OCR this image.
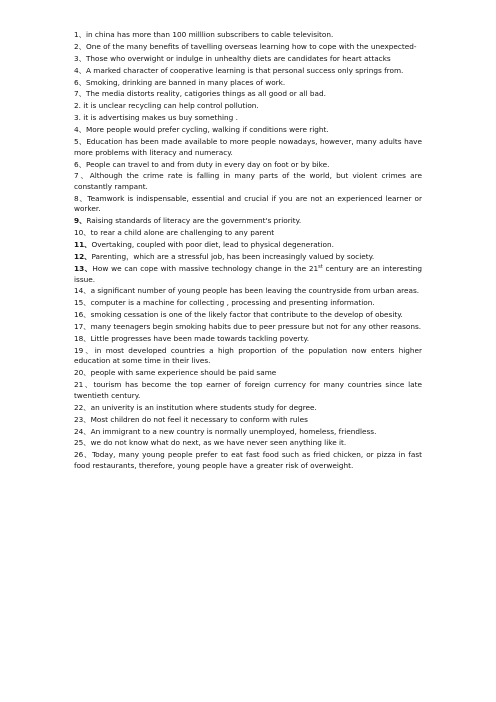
1、in china has more than 100 milllion subscribers to cable televisiton.

2、One of the many benefits of tavelling overseas learning how to cope with the unexpected-

3、Those who overwight or indulge in unhealthy diets are candidates for heart attacks

4、A marked character of cooperative learning is that personal success only springs from.

6、Smoking, drinking are banned in many places of work.

7、The media distorts reality, catigories things as all good or all bad.

2. it is unclear recycling can help control pollution.

3. it is advertising makes us buy something .

4、More people would prefer cycling, walking if conditions were right.

5、Education has been made available to more people nowadays, however, many adults have more problems with literacy and numeracy.

6、People can travel to and from duty in every day on foot or by bike.

7、Although the crime rate is falling in many parts of the world, but violent crimes are constantly rampant.

8、Teamwork is indispensable, essential and crucial if you are not an experienced learner or worker.

9、Raising standards of literacy are the government's priority.

10、to rear a child alone are challenging to any parent

11、Overtaking, coupled with poor diet, lead to physical degeneration.

12、Parenting，which are a stressful job, has been increasingly valued by society.

13、How we can cope with massive technology change in the 21st century are an interesting issue.

14、a significant number of young people has been leaving the countryside from urban areas.

15、computer is a machine for collecting , processing and presenting information.

16、smoking cessation is one of the likely factor that contribute to the develop of obesity.

17、many teenagers begin smoking habits due to peer pressure but not for any other reasons.

18、Little progresses have been made towards tackling poverty.

19、in most developed countries a high proportion of the population now enters higher education at some time in their lives.

20、people with same experience should be paid same

21、tourism has become the top earner of foreign currency for many countries since late twentieth century.

22、an univerity is an institution where students study for degree.

23、Most children do not feel it necessary to conform with rules

24、An immigrant to a new country is normally unemployed, homeless, friendless.

25、we do not know what do next, as we have never seen anything like it.

26、Today, many young people prefer to eat fast food such as fried chicken, or pizza in fast food restaurants, therefore, young people have a greater risk of overweight.
